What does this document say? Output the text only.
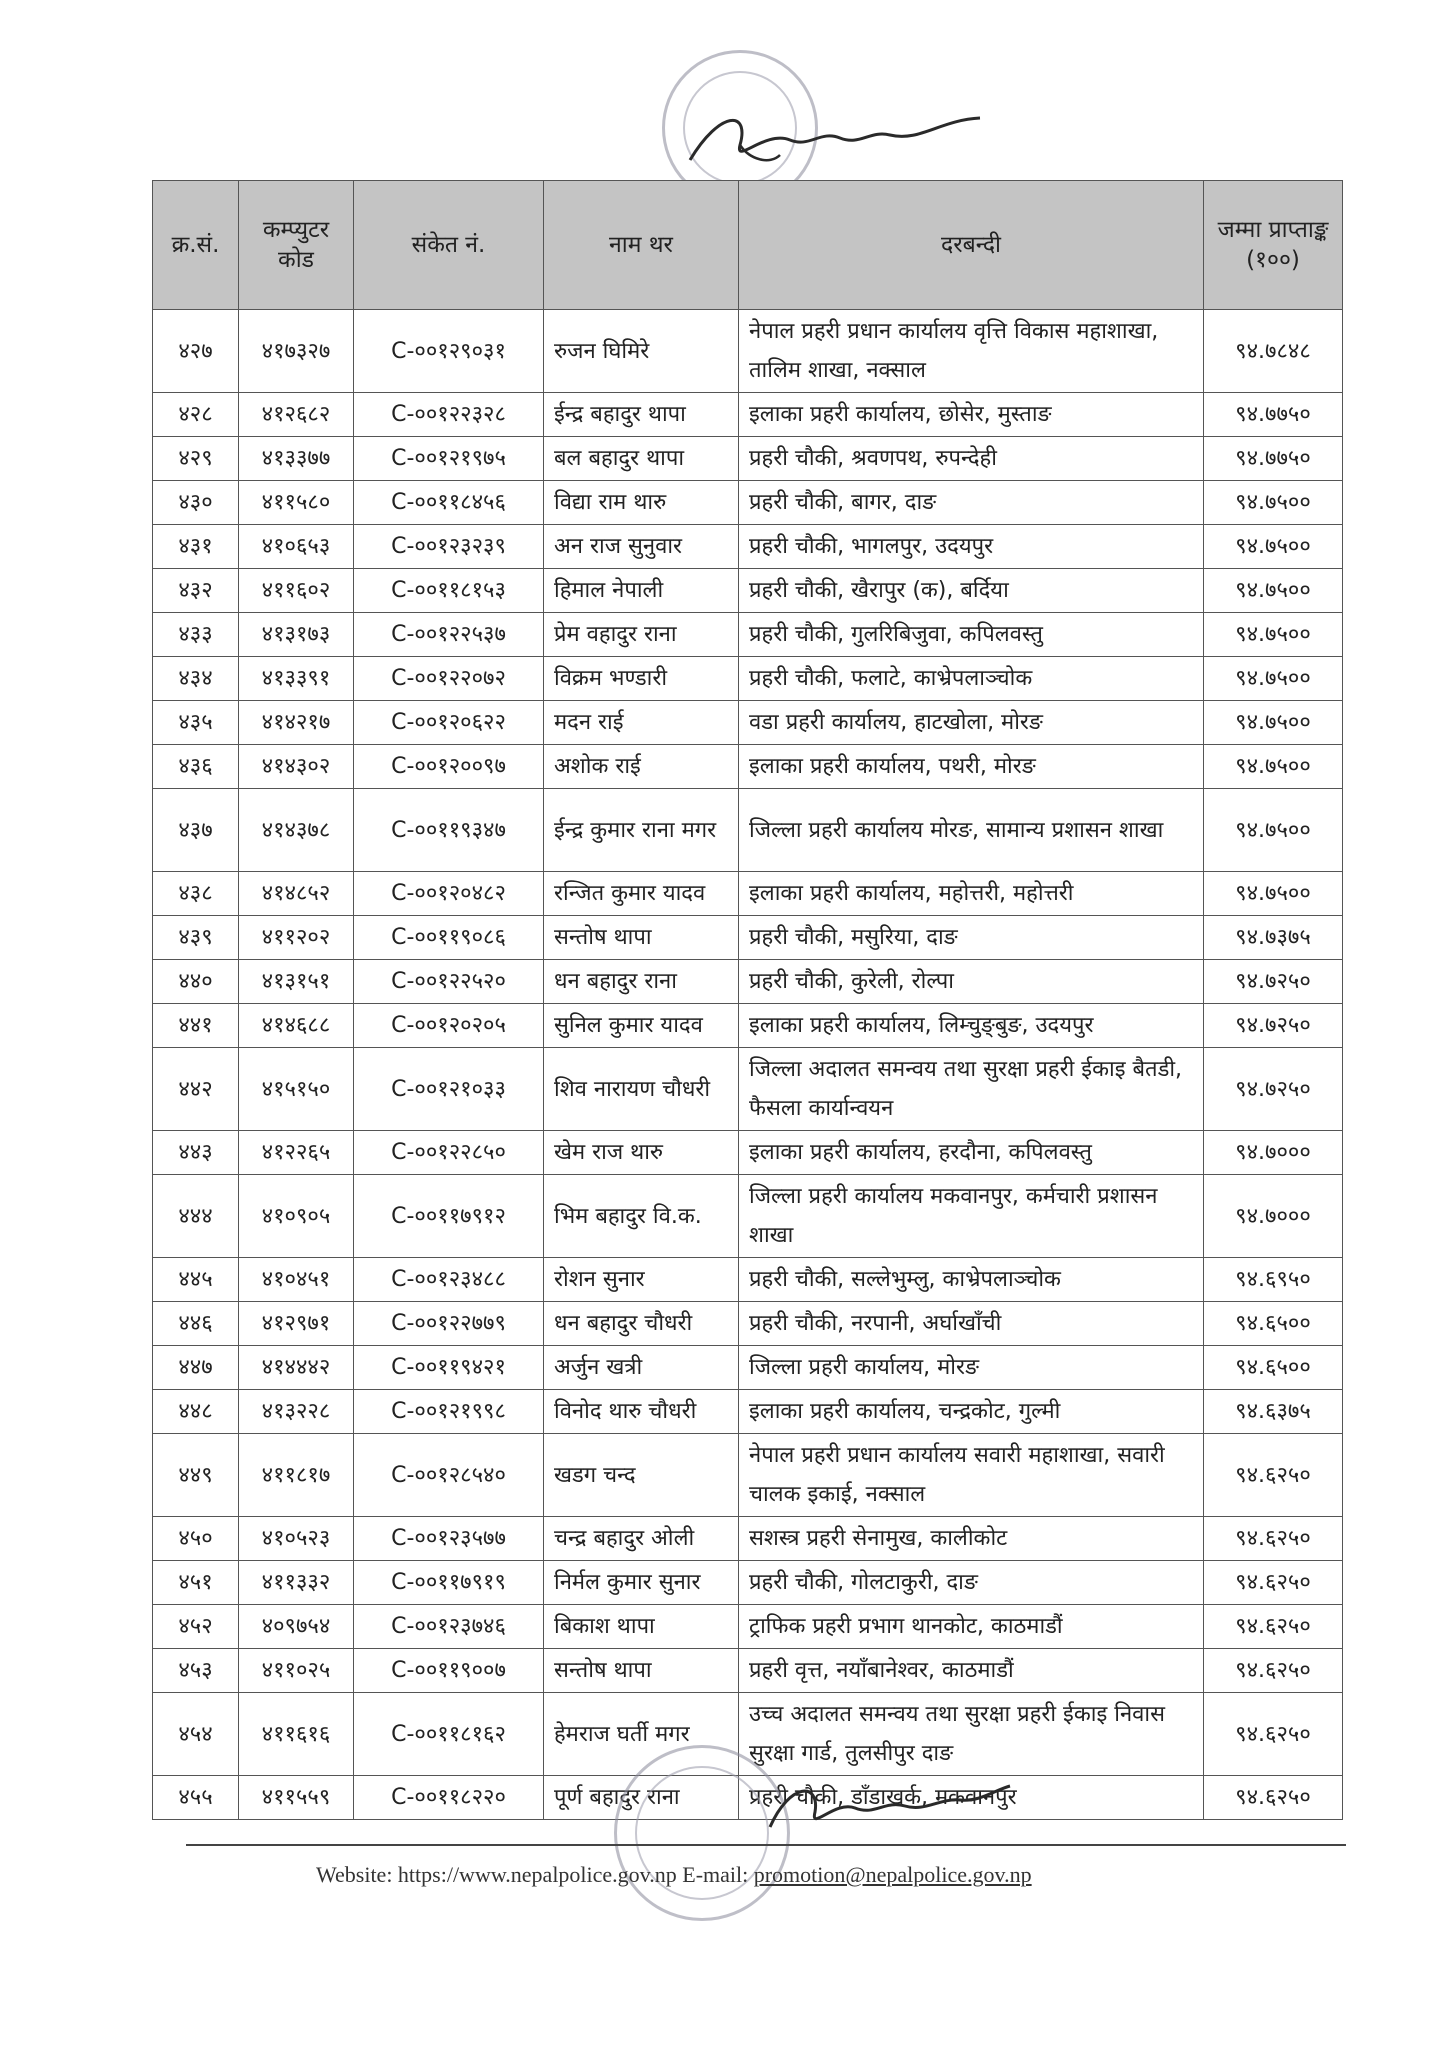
क्र.सं.	कम्प्युटर कोड	संकेत नं.	नाम थर	दरबन्दी	जम्मा प्राप्ताङ्क (१००)
४२७	४१७३२७	C-००१२९०३१	रुजन घिमिरे	नेपाल प्रहरी प्रधान कार्यालय वृत्ति विकास महाशाखा, तालिम शाखा, नक्साल	९४.७८४८
४२८	४१२६८२	C-००१२२३२८	ईन्द्र बहादुर थापा	इलाका प्रहरी कार्यालय, छोसेर, मुस्ताङ	९४.७७५०
४२९	४१३३७७	C-००१२१९७५	बल बहादुर थापा	प्रहरी चौकी, श्रवणपथ, रुपन्देही	९४.७७५०
४३०	४११५८०	C-००११८४५६	विद्या राम थारु	प्रहरी चौकी, बागर, दाङ	९४.७५००
४३१	४१०६५३	C-००१२३२३९	अन राज सुनुवार	प्रहरी चौकी, भागलपुर, उदयपुर	९४.७५००
४३२	४११६०२	C-००११८१५३	हिमाल नेपाली	प्रहरी चौकी, खैरापुर (क), बर्दिया	९४.७५००
४३३	४१३१७३	C-००१२२५३७	प्रेम वहादुर राना	प्रहरी चौकी, गुलरिबिजुवा, कपिलवस्तु	९४.७५००
४३४	४१३३९१	C-००१२२०७२	विक्रम भण्डारी	प्रहरी चौकी, फलाटे, काभ्रेपलाञ्चोक	९४.७५००
४३५	४१४२१७	C-००१२०६२२	मदन राई	वडा प्रहरी कार्यालय, हाटखोला, मोरङ	९४.७५००
४३६	४१४३०२	C-००१२००९७	अशोक राई	इलाका प्रहरी कार्यालय, पथरी, मोरङ	९४.७५००
४३७	४१४३७८	C-००११९३४७	ईन्द्र कुमार राना मगर	जिल्ला प्रहरी कार्यालय मोरङ, सामान्य प्रशासन शाखा	९४.७५००
४३८	४१४८५२	C-००१२०४८२	रन्जित कुमार यादव	इलाका प्रहरी कार्यालय, महोत्तरी, महोत्तरी	९४.७५००
४३९	४११२०२	C-००११९०८६	सन्तोष थापा	प्रहरी चौकी, मसुरिया, दाङ	९४.७३७५
४४०	४१३१५१	C-००१२२५२०	धन बहादुर राना	प्रहरी चौकी, कुरेली, रोल्पा	९४.७२५०
४४१	४१४६८८	C-००१२०२०५	सुनिल कुमार यादव	इलाका प्रहरी कार्यालय, लिम्चुङ्बुङ, उदयपुर	९४.७२५०
४४२	४१५१५०	C-००१२१०३३	शिव नारायण चौधरी	जिल्ला अदालत समन्वय तथा सुरक्षा प्रहरी ईकाइ बैतडी, फैसला कार्यान्वयन	९४.७२५०
४४३	४१२२६५	C-००१२२८५०	खेम राज थारु	इलाका प्रहरी कार्यालय, हरदौना, कपिलवस्तु	९४.७०००
४४४	४१०९०५	C-००११७९१२	भिम बहादुर वि.क.	जिल्ला प्रहरी कार्यालय मकवानपुर, कर्मचारी प्रशासन शाखा	९४.७०००
४४५	४१०४५१	C-००१२३४८८	रोशन सुनार	प्रहरी चौकी, सल्लेभुम्लु, काभ्रेपलाञ्चोक	९४.६९५०
४४६	४१२९७१	C-००१२२७७९	धन बहादुर चौधरी	प्रहरी चौकी, नरपानी, अर्घाखाँची	९४.६५००
४४७	४१४४४२	C-००११९४२१	अर्जुन खत्री	जिल्ला प्रहरी कार्यालय, मोरङ	९४.६५००
४४८	४१३२२८	C-००१२१९९८	विनोद थारु चौधरी	इलाका प्रहरी कार्यालय, चन्द्रकोट, गुल्मी	९४.६३७५
४४९	४११८१७	C-००१२८५४०	खडग चन्द	नेपाल प्रहरी प्रधान कार्यालय सवारी महाशाखा, सवारी चालक इकाई, नक्साल	९४.६२५०
४५०	४१०५२३	C-००१२३५७७	चन्द्र बहादुर ओली	सशस्त्र प्रहरी सेनामुख, कालीकोट	९४.६२५०
४५१	४११३३२	C-००११७९१९	निर्मल कुमार सुनार	प्रहरी चौकी, गोलटाकुरी, दाङ	९४.६२५०
४५२	४०९७५४	C-००१२३७४६	बिकाश थापा	ट्राफिक प्रहरी प्रभाग थानकोट, काठमाडौं	९४.६२५०
४५३	४११०२५	C-००११९००७	सन्तोष थापा	प्रहरी वृत्त, नयाँबानेश्वर, काठमाडौं	९४.६२५०
४५४	४११६१६	C-००११८१६२	हेमराज घर्ती मगर	उच्च अदालत समन्वय तथा सुरक्षा प्रहरी ईकाइ निवास सुरक्षा गार्ड, तुलसीपुर दाङ	९४.६२५०
४५५	४११५५९	C-००११८२२०	पूर्ण बहादुर राना	प्रहरी चौकी, डाँडाखर्क, मकवानपुर	९४.६२५०
Website: https://www.nepalpolice.gov.np E-mail: promotion@nepalpolice.gov.np
